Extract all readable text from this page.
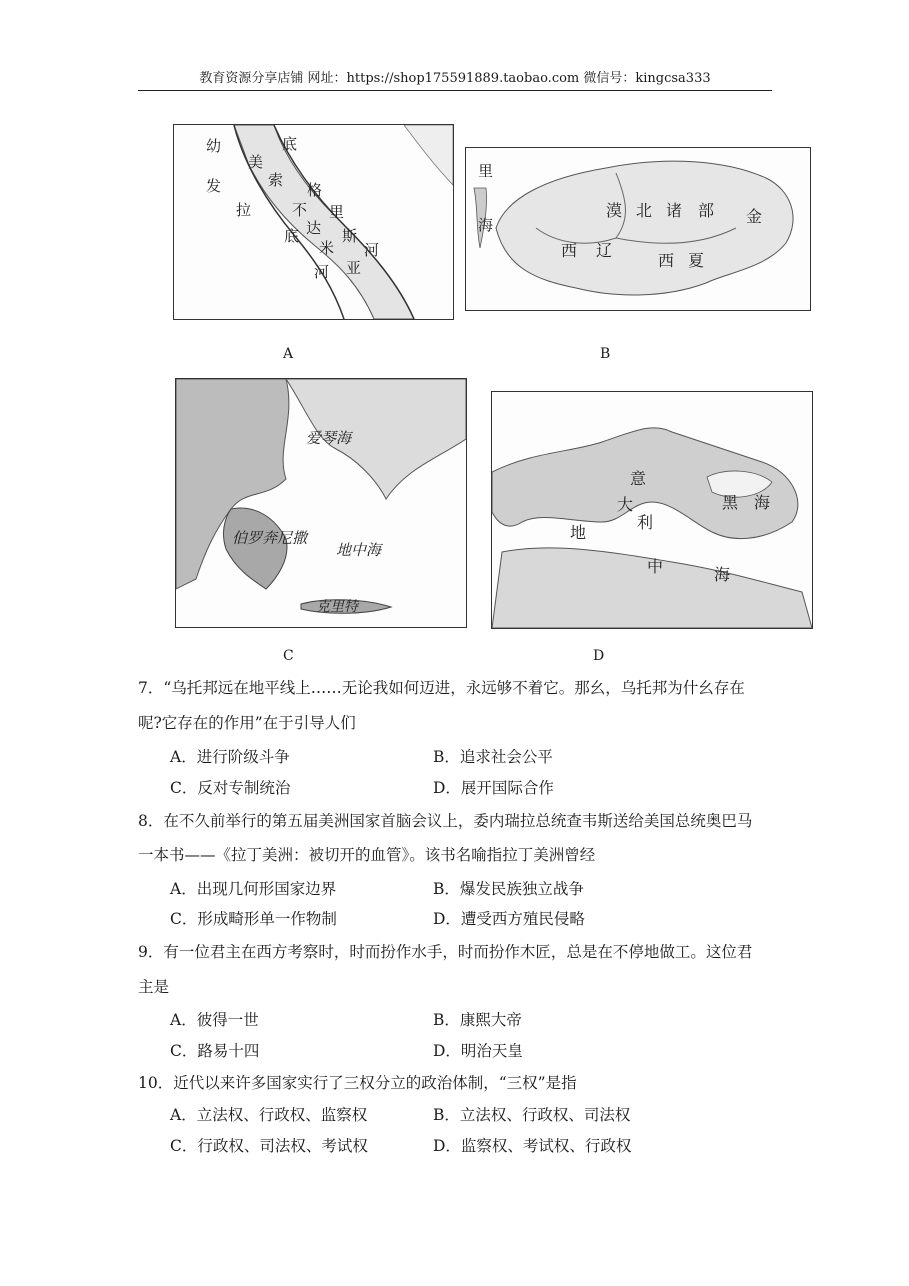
教育资源分享店铺 网址：https://shop175591889.taobao.com 微信号：kingcsa333
幼
发
拉
底
美
索
不
达
米
亚
底
格
里
斯
河
河
A
里
海
漠 北 诸 部 金
西 辽
西 夏
B
爱琴海
伯罗奔尼撒
地中海
克里特
C
意
大
利
地
中	海
黑 海
D
7．“乌托邦远在地平线上……无论我如何迈进，永远够不着它。那幺，乌托邦为什幺存在
呢?它存在的作用”在于引导人们
A．进行阶级斗争	B．追求社会公平
C．反对专制统治	D．展开国际合作
8．在不久前举行的第五届美洲国家首脑会议上，委内瑞拉总统查韦斯送给美国总统奥巴马
一本书——《拉丁美洲：被切开的血管》。该书名喻指拉丁美洲曾经
A．出现几何形国家边界	B．爆发民族独立战争
C．形成畸形单一作物制	D．遭受西方殖民侵略
9．有一位君主在西方考察时，时而扮作水手，时而扮作木匠，总是在不停地做工。这位君
主是
A．彼得一世	B．康熙大帝
C．路易十四	D．明治天皇
10．近代以来许多国家实行了三权分立的政治体制，“三权”是指
A．立法权、行政权、监察权	B．立法权、行政权、司法权
C．行政权、司法权、考试权	D．监察权、考试权、行政权
